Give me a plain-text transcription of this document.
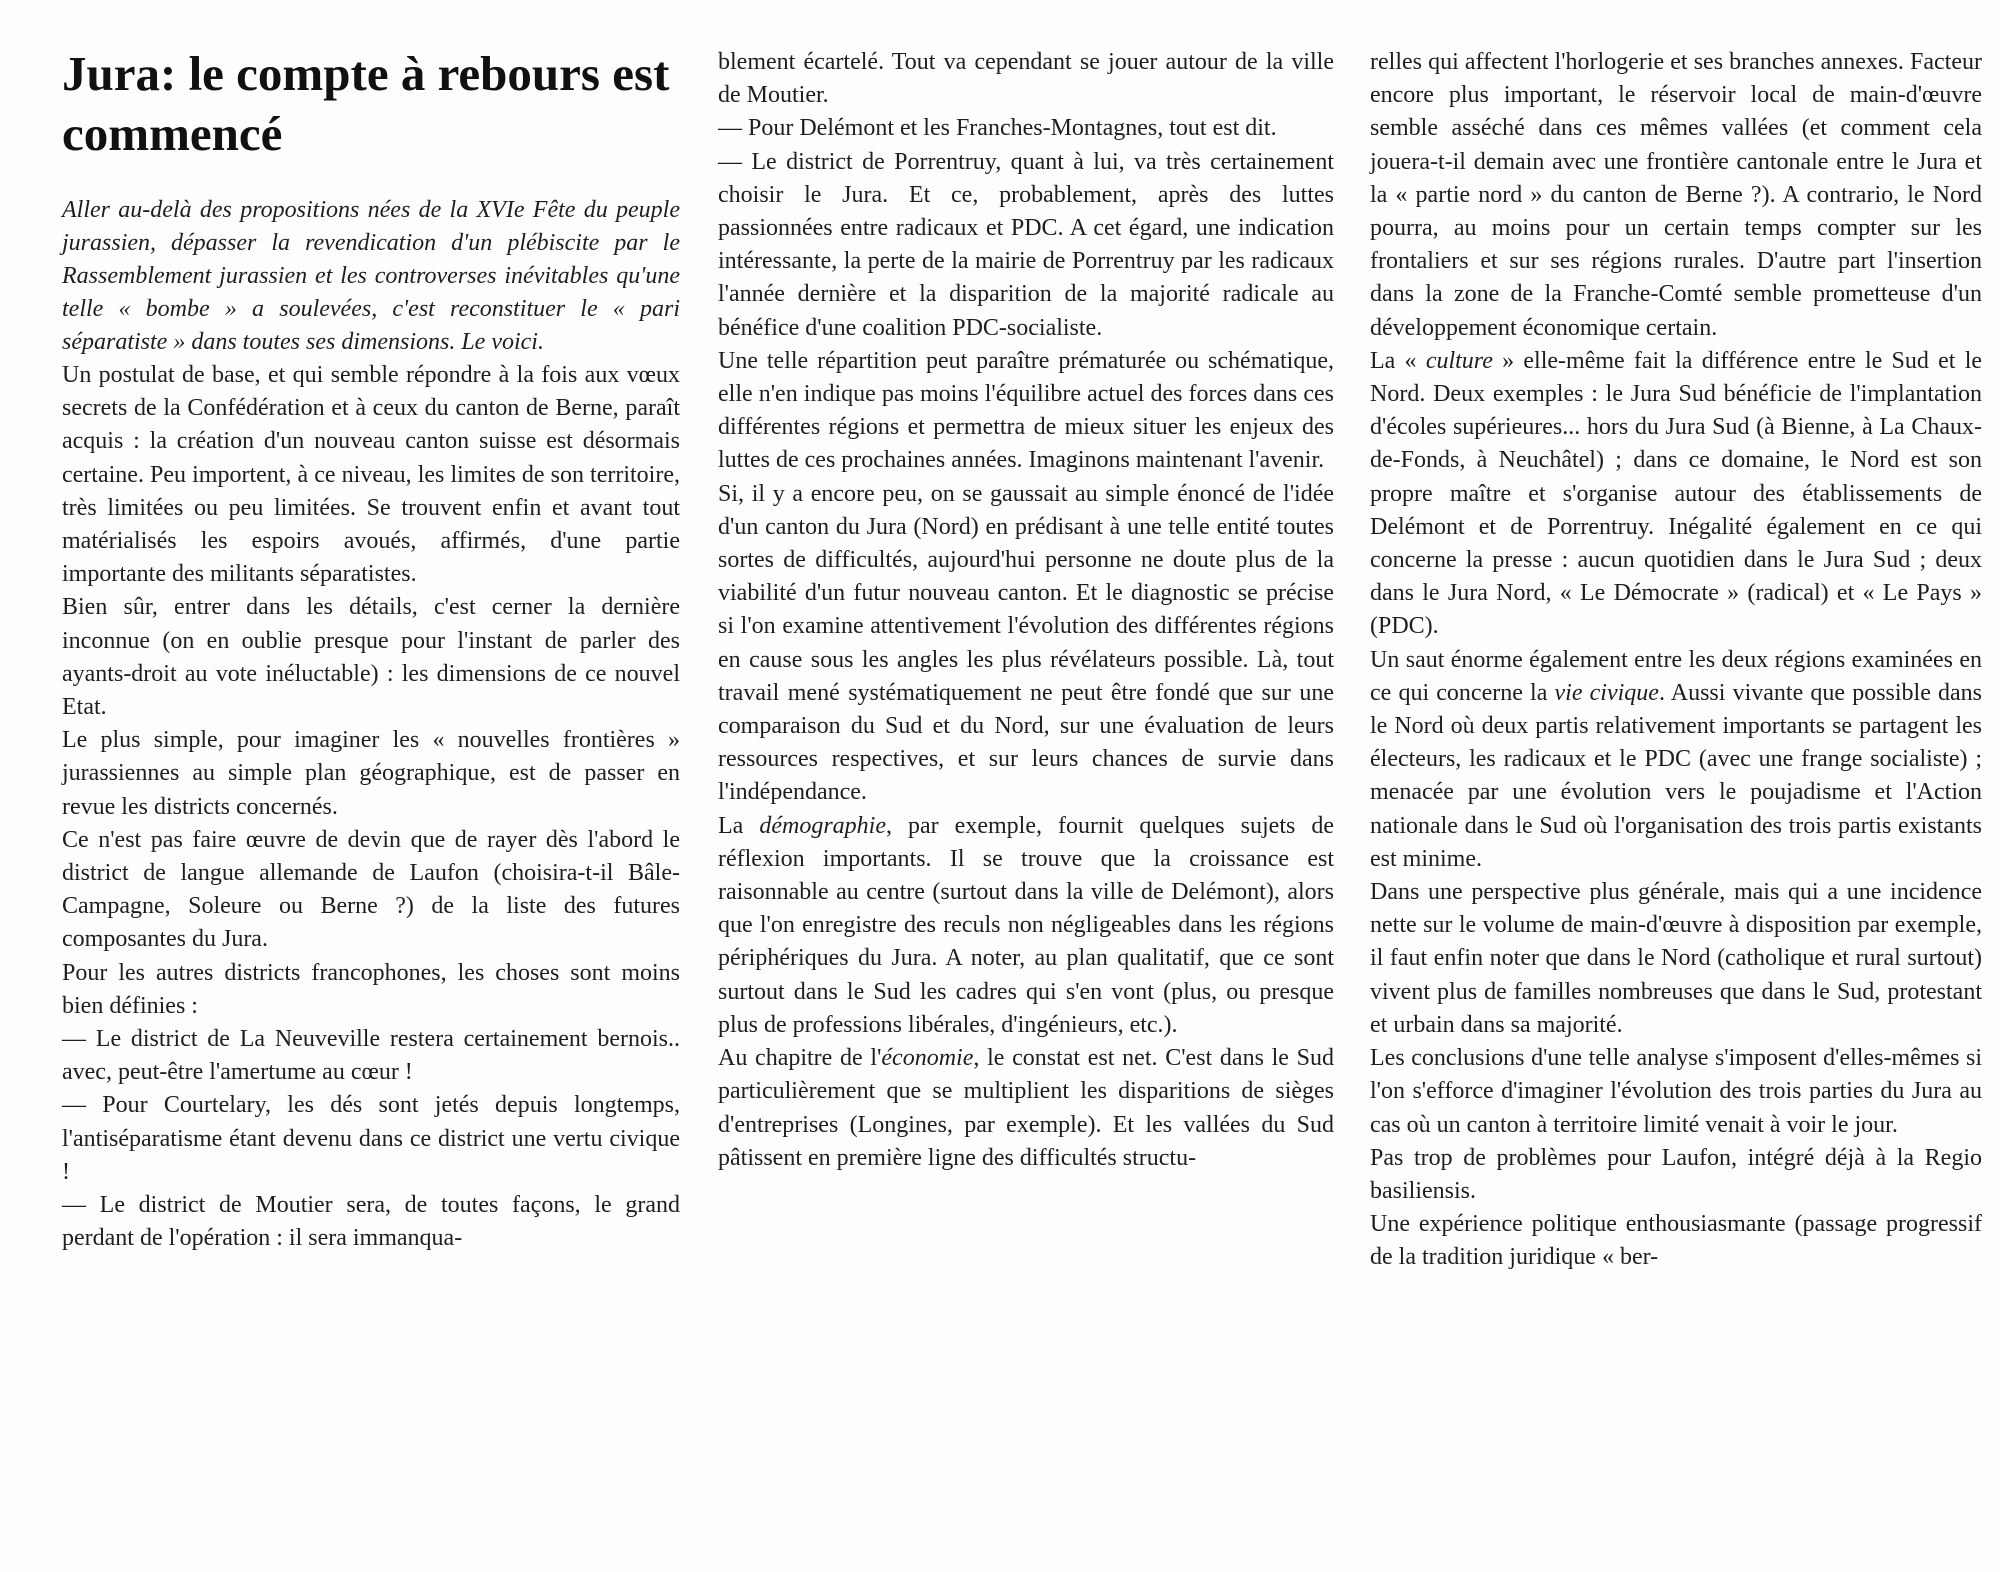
Jura: le compte à rebours est commencé

Aller au-delà des propositions nées de la XVIe Fête du peuple jurassien, dépasser la revendication d'un plébiscite par le Rassemblement jurassien et les controverses inévitables qu'une telle « bombe » a soulevées, c'est reconstituer le « pari séparatiste » dans toutes ses dimensions. Le voici.

Un postulat de base, et qui semble répondre à la fois aux vœux secrets de la Confédération et à ceux du canton de Berne, paraît acquis : la création d'un nouveau canton suisse est désormais certaine. Peu importent, à ce niveau, les limites de son territoire, très limitées ou peu limitées. Se trouvent enfin et avant tout matérialisés les espoirs avoués, affirmés, d'une partie importante des militants séparatistes.

Bien sûr, entrer dans les détails, c'est cerner la dernière inconnue (on en oublie presque pour l'instant de parler des ayants-droit au vote inéluctable) : les dimensions de ce nouvel Etat.

Le plus simple, pour imaginer les « nouvelles frontières » jurassiennes au simple plan géographique, est de passer en revue les districts concernés.

Ce n'est pas faire œuvre de devin que de rayer dès l'abord le district de langue allemande de Laufon (choisira-t-il Bâle-Campagne, Soleure ou Berne ?) de la liste des futures composantes du Jura.

Pour les autres districts francophones, les choses sont moins bien définies :

— Le district de La Neuveville restera certainement bernois.. avec, peut-être l'amertume au cœur !

— Pour Courtelary, les dés sont jetés depuis longtemps, l'antiséparatisme étant devenu dans ce district une vertu civique !

— Le district de Moutier sera, de toutes façons, le grand perdant de l'opération : il sera immanqua-

blement écartelé. Tout va cependant se jouer autour de la ville de Moutier.

— Pour Delémont et les Franches-Montagnes, tout est dit.

— Le district de Porrentruy, quant à lui, va très certainement choisir le Jura. Et ce, probablement, après des luttes passionnées entre radicaux et PDC. A cet égard, une indication intéressante, la perte de la mairie de Porrentruy par les radicaux l'année dernière et la disparition de la majorité radicale au bénéfice d'une coalition PDC-socialiste.

Une telle répartition peut paraître prématurée ou schématique, elle n'en indique pas moins l'équilibre actuel des forces dans ces différentes régions et permettra de mieux situer les enjeux des luttes de ces prochaines années. Imaginons maintenant l'avenir.

Si, il y a encore peu, on se gaussait au simple énoncé de l'idée d'un canton du Jura (Nord) en prédisant à une telle entité toutes sortes de difficultés, aujourd'hui personne ne doute plus de la viabilité d'un futur nouveau canton. Et le diagnostic se précise si l'on examine attentivement l'évolution des différentes régions en cause sous les angles les plus révélateurs possible. Là, tout travail mené systématiquement ne peut être fondé que sur une comparaison du Sud et du Nord, sur une évaluation de leurs ressources respectives, et sur leurs chances de survie dans l'indépendance.

La démographie, par exemple, fournit quelques sujets de réflexion importants. Il se trouve que la croissance est raisonnable au centre (surtout dans la ville de Delémont), alors que l'on enregistre des reculs non négligeables dans les régions périphériques du Jura. A noter, au plan qualitatif, que ce sont surtout dans le Sud les cadres qui s'en vont (plus, ou presque plus de professions libérales, d'ingénieurs, etc.).

Au chapitre de l'économie, le constat est net. C'est dans le Sud particulièrement que se multiplient les disparitions de sièges d'entreprises (Longines, par exemple). Et les vallées du Sud pâtissent en première ligne des difficultés structu-

relles qui affectent l'horlogerie et ses branches annexes. Facteur encore plus important, le réservoir local de main-d'œuvre semble asséché dans ces mêmes vallées (et comment cela jouera-t-il demain avec une frontière cantonale entre le Jura et la « partie nord » du canton de Berne ?). A contrario, le Nord pourra, au moins pour un certain temps compter sur les frontaliers et sur ses régions rurales. D'autre part l'insertion dans la zone de la Franche-Comté semble prometteuse d'un développement économique certain.

La « culture » elle-même fait la différence entre le Sud et le Nord. Deux exemples : le Jura Sud bénéficie de l'implantation d'écoles supérieures... hors du Jura Sud (à Bienne, à La Chaux-de-Fonds, à Neuchâtel) ; dans ce domaine, le Nord est son propre maître et s'organise autour des établissements de Delémont et de Porrentruy. Inégalité également en ce qui concerne la presse : aucun quotidien dans le Jura Sud ; deux dans le Jura Nord, « Le Démocrate » (radical) et « Le Pays » (PDC).

Un saut énorme également entre les deux régions examinées en ce qui concerne la vie civique. Aussi vivante que possible dans le Nord où deux partis relativement importants se partagent les électeurs, les radicaux et le PDC (avec une frange socialiste) ; menacée par une évolution vers le poujadisme et l'Action nationale dans le Sud où l'organisation des trois partis existants est minime.

Dans une perspective plus générale, mais qui a une incidence nette sur le volume de main-d'œuvre à disposition par exemple, il faut enfin noter que dans le Nord (catholique et rural surtout) vivent plus de familles nombreuses que dans le Sud, protestant et urbain dans sa majorité.

Les conclusions d'une telle analyse s'imposent d'elles-mêmes si l'on s'efforce d'imaginer l'évolution des trois parties du Jura au cas où un canton à territoire limité venait à voir le jour.

Pas trop de problèmes pour Laufon, intégré déjà à la Regio basiliensis.

Une expérience politique enthousiasmante (passage progressif de la tradition juridique « ber-
